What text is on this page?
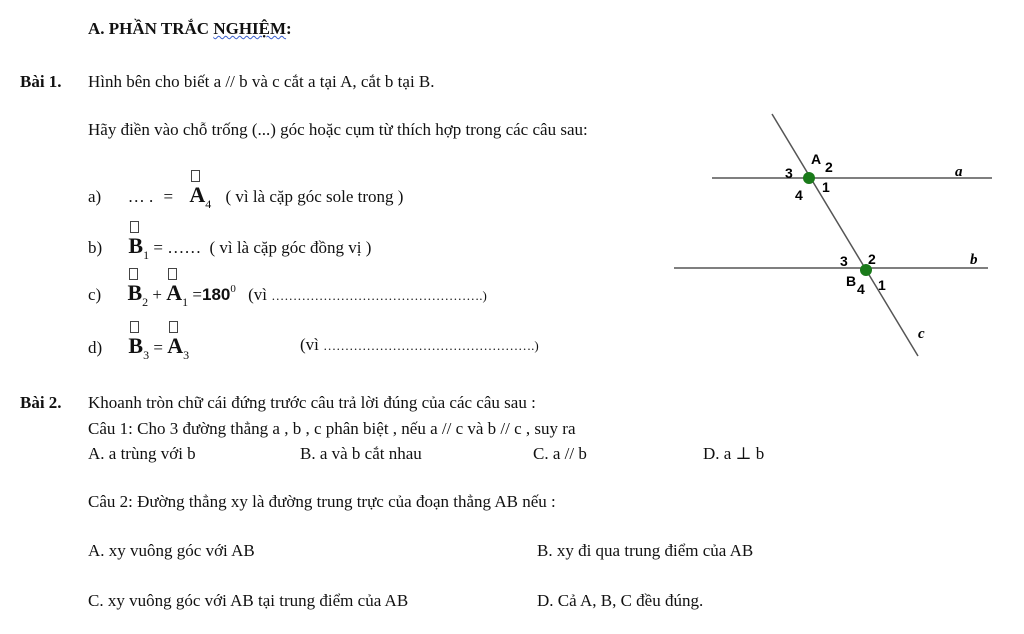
A. PHẦN TRẮC NGHIỆM:
Bài 1. Hình bên cho biết a // b và c cắt a tại A, cắt b tại B.
Hãy điền vào chỗ trống (...) góc hoặc cụm từ thích hợp trong các câu sau:
a) … . = $A_4$ ( vì là cặp góc sole trong )
b) $B_1$ = …… ( vì là cặp góc đồng vị )
c) $B_2 + A_1 =180^0$ (vì ………………………………………….)
d) $B_3 = A_3$
(vì ………………………………………….)
3
A 2
4 1
a
3 2
B 4 1
b
c
Bài 2. Khoanh tròn chữ cái đứng trước câu trả lời đúng của các câu sau :
Câu 1: Cho 3 đường thẳng a , b , c phân biệt , nếu a // c và b // c , suy ra
A. a trùng với b	B. a và b cắt nhau	C. a // b	D. a ⊥ b
Câu 2: Đường thẳng xy là đường trung trực của đoạn thẳng AB nếu :
A. xy vuông góc với AB	B. xy đi qua trung điểm của AB
C. xy vuông góc với AB tại trung điểm của AB	D. Cả A, B, C đều đúng.
